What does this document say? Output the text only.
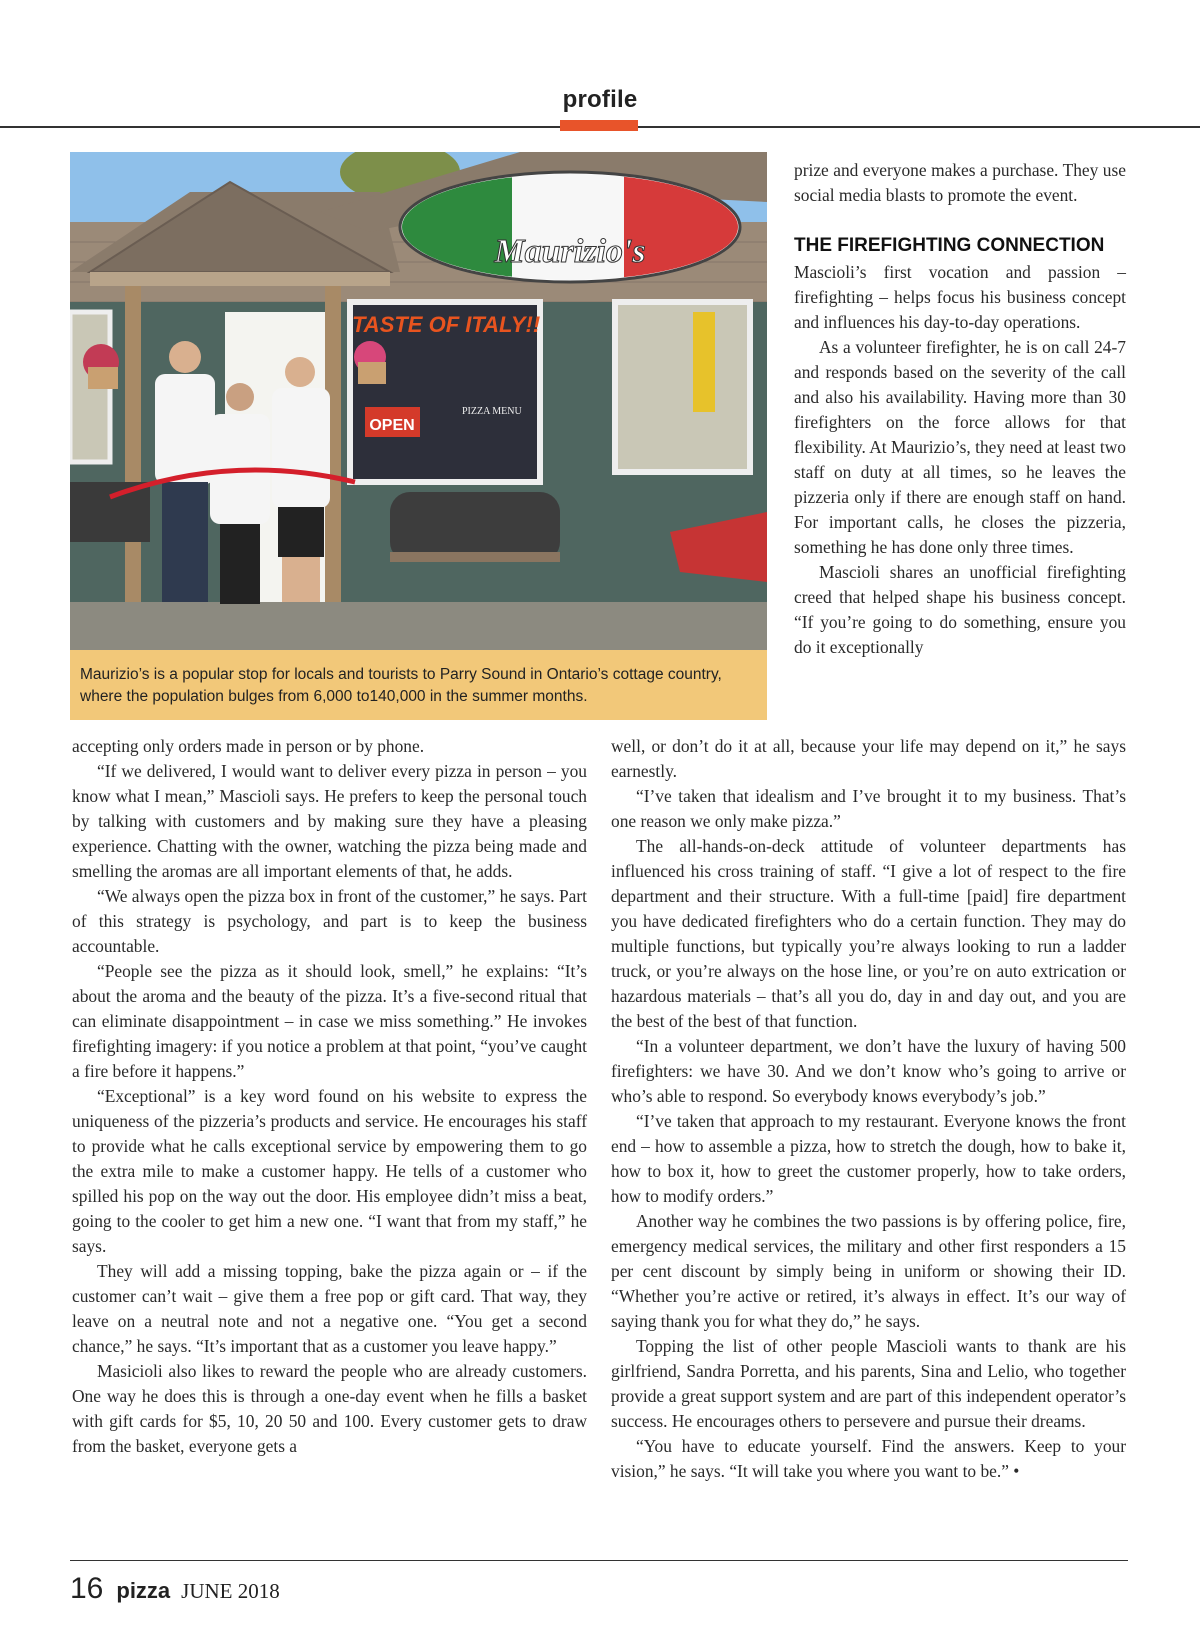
profile
Maurizio's
TASTE OF ITALY!!
OPEN
PIZZA MENU
Maurizio’s is a popular stop for locals and tourists to Parry Sound in Ontario’s cottage country, where the population bulges from 6,000 to140,000 in the summer months.

prize and everyone makes a purchase. They use social media blasts to promote the event.

THE FIREFIGHTING CONNECTION

Mascioli’s first vocation and passion – firefighting – helps focus his business concept and influences his day-to-day operations.

As a volunteer firefighter, he is on call 24-7 and responds based on the severity of the call and also his availability. Having more than 30 firefighters on the force allows for that flexibility. At Maurizio’s, they need at least two staff on duty at all times, so he leaves the pizzeria only if there are enough staff on hand. For important calls, he closes the pizzeria, something he has done only three times.

Mascioli shares an unofficial firefighting creed that helped shape his business concept. “If you’re going to do something, ensure you do it exceptionally

accepting only orders made in person or by phone.

“If we delivered, I would want to deliver every pizza in person – you know what I mean,” Mascioli says. He prefers to keep the personal touch by talking with customers and by making sure they have a pleasing experience. Chatting with the owner, watching the pizza being made and smelling the aromas are all important elements of that, he adds.

“We always open the pizza box in front of the customer,” he says. Part of this strategy is psychology, and part is to keep the business accountable.

“People see the pizza as it should look, smell,” he explains: “It’s about the aroma and the beauty of the pizza. It’s a five-second ritual that can eliminate disappointment – in case we miss something.” He invokes firefighting imagery: if you notice a problem at that point, “you’ve caught a fire before it happens.”

“Exceptional” is a key word found on his website to express the uniqueness of the pizzeria’s products and service. He encourages his staff to provide what he calls exceptional service by empowering them to go the extra mile to make a customer happy. He tells of a customer who spilled his pop on the way out the door. His employee didn’t miss a beat, going to the cooler to get him a new one. “I want that from my staff,” he says.

They will add a missing topping, bake the pizza again or – if the customer can’t wait – give them a free pop or gift card. That way, they leave on a neutral note and not a negative one. “You get a second chance,” he says. “It’s important that as a customer you leave happy.”

Masicioli also likes to reward the people who are already customers. One way he does this is through a one-day event when he fills a basket with gift cards for $5, 10, 20 50 and 100. Every customer gets to draw from the basket, everyone gets a

well, or don’t do it at all, because your life may depend on it,” he says earnestly.

“I’ve taken that idealism and I’ve brought it to my business. That’s one reason we only make pizza.”

The all-hands-on-deck attitude of volunteer departments has influenced his cross training of staff. “I give a lot of respect to the fire department and their structure. With a full-time [paid] fire department you have dedicated firefighters who do a certain function. They may do multiple functions, but typically you’re always looking to run a ladder truck, or you’re always on the hose line, or you’re on auto extrication or hazardous materials – that’s all you do, day in and day out, and you are the best of the best of that function.

“In a volunteer department, we don’t have the luxury of having 500 firefighters: we have 30. And we don’t know who’s going to arrive or who’s able to respond. So everybody knows everybody’s job.”

“I’ve taken that approach to my restaurant. Everyone knows the front end – how to assemble a pizza, how to stretch the dough, how to bake it, how to box it, how to greet the customer properly, how to take orders, how to modify orders.”

Another way he combines the two passions is by offering police, fire, emergency medical services, the military and other first responders a 15 per cent discount by simply being in uniform or showing their ID. “Whether you’re active or retired, it’s always in effect. It’s our way of saying thank you for what they do,” he says.

Topping the list of other people Mascioli wants to thank are his girlfriend, Sandra Porretta, and his parents, Sina and Lelio, who together provide a great support system and are part of this independent operator’s success. He encourages others to persevere and pursue their dreams.

“You have to educate yourself. Find the answers. Keep to your vision,” he says. “It will take you where you want to be.” •

16 pizza JUNE 2018
